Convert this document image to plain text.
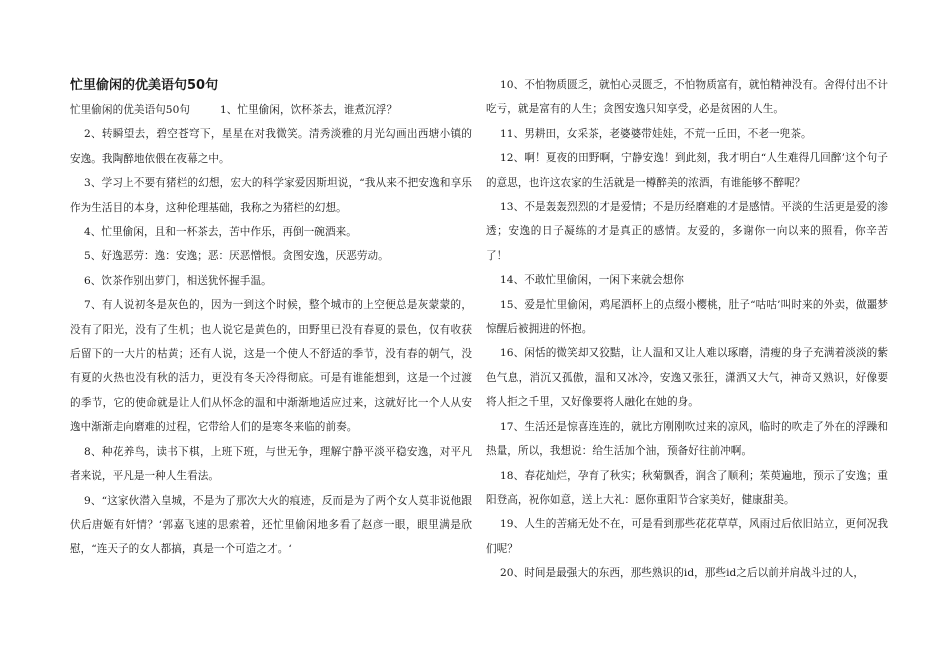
忙里偷闲的优美语句50句

忙里偷闲的优美语句50句	1、忙里偷闲，饮杯茶去，谁煮沉浮？

2、转瞬望去，碧空苍穹下，星星在对我微笑。清秀淡雅的月光勾画出西塘小镇的安逸。我陶醉地依偎在夜幕之中。

3、学习上不要有猪栏的幻想，宏大的科学家爱因斯坦说，“我从来不把安逸和享乐作为生活目的本身，这种伦理基础，我称之为猪栏的幻想。

4、忙里偷闲，且和一杯茶去，苦中作乐，再倒一碗酒来。

5、好逸恶劳：逸：安逸；恶：厌恶憎恨。贪图安逸，厌恶劳动。

6、饮茶作别出萝门，相送犹怀握手温。

7、有人说初冬是灰色的，因为一到这个时候，整个城市的上空便总是灰蒙蒙的，没有了阳光，没有了生机；也人说它是黄色的，田野里已没有春夏的景色，仅有收获后留下的一大片的枯黄；还有人说，这是一个使人不舒适的季节，没有春的朝气，没有夏的火热也没有秋的活力，更没有冬天冷得彻底。可是有谁能想到，这是一个过渡的季节，它的使命就是让人们从怀念的温和中渐渐地适应过来，这就好比一个人从安逸中渐渐走向磨难的过程，它带给人们的是寒冬来临的前奏。

8、种花养鸟，读书下棋，上班下班，与世无争，理解宁静平淡平稳安逸，对平凡者来说，平凡是一种人生看法。

9、“这家伙潜入皇城，不是为了那次大火的痕迹，反而是为了两个女人莫非说他跟伏后唐姬有奸情？‘郭嘉飞速的思索着，还忙里偷闲地多看了赵彦一眼，眼里满是欣慰，“连天子的女人都搞，真是一个可造之才。‘

10、不怕物质匮乏，就怕心灵匮乏，不怕物质富有，就怕精神没有。舍得付出不计吃亏，就是富有的人生；贪图安逸只知享受，必是贫困的人生。

11、男耕田，女采茶，老婆婆带娃娃，不荒一丘田，不老一兜茶。

12、啊！夏夜的田野啊，宁静安逸！到此刻，我才明白“人生难得几回醉’这个句子的意思，也许这农家的生活就是一樽醉美的浓酒，有谁能够不醉呢？

13、不是轰轰烈烈的才是爱情；不是历经磨难的才是感情。平淡的生活更是爱的渗透；安逸的日子凝练的才是真正的感情。友爱的，多谢你一向以来的照看，你辛苦了！

14、不敢忙里偷闲，一闲下来就会想你

15、爱是忙里偷闲，鸡尾酒杯上的点缀小樱桃，肚子“咕咕’叫时来的外卖，做噩梦惊醒后被拥进的怀抱。

16、闲恬的微笑却又狡黠，让人温和又让人难以琢磨，清瘦的身子充满着淡淡的紫色气息，消沉又孤傲，温和又冰冷，安逸又张狂，潇洒又大气，神奇又熟识，好像要将人拒之千里，又好像要将人融化在她的身。

17、生活还是惊喜连连的，就比方刚刚吹过来的凉风，临时的吹走了外在的浮躁和热量，所以，我想说：给生活加个油，预备好往前冲啊。

18、春花灿烂，孕育了秋实；秋菊飘香，润含了顺利；茱萸遍地，预示了安逸；重阳登高，祝你如意，送上大礼：愿你重阳节合家美好，健康甜美。

19、人生的苦痛无处不在，可是看到那些花花草草，风雨过后依旧站立，更何况我们呢？

20、时间是最强大的东西，那些熟识的id，那些id之后以前并肩战斗过的人，
